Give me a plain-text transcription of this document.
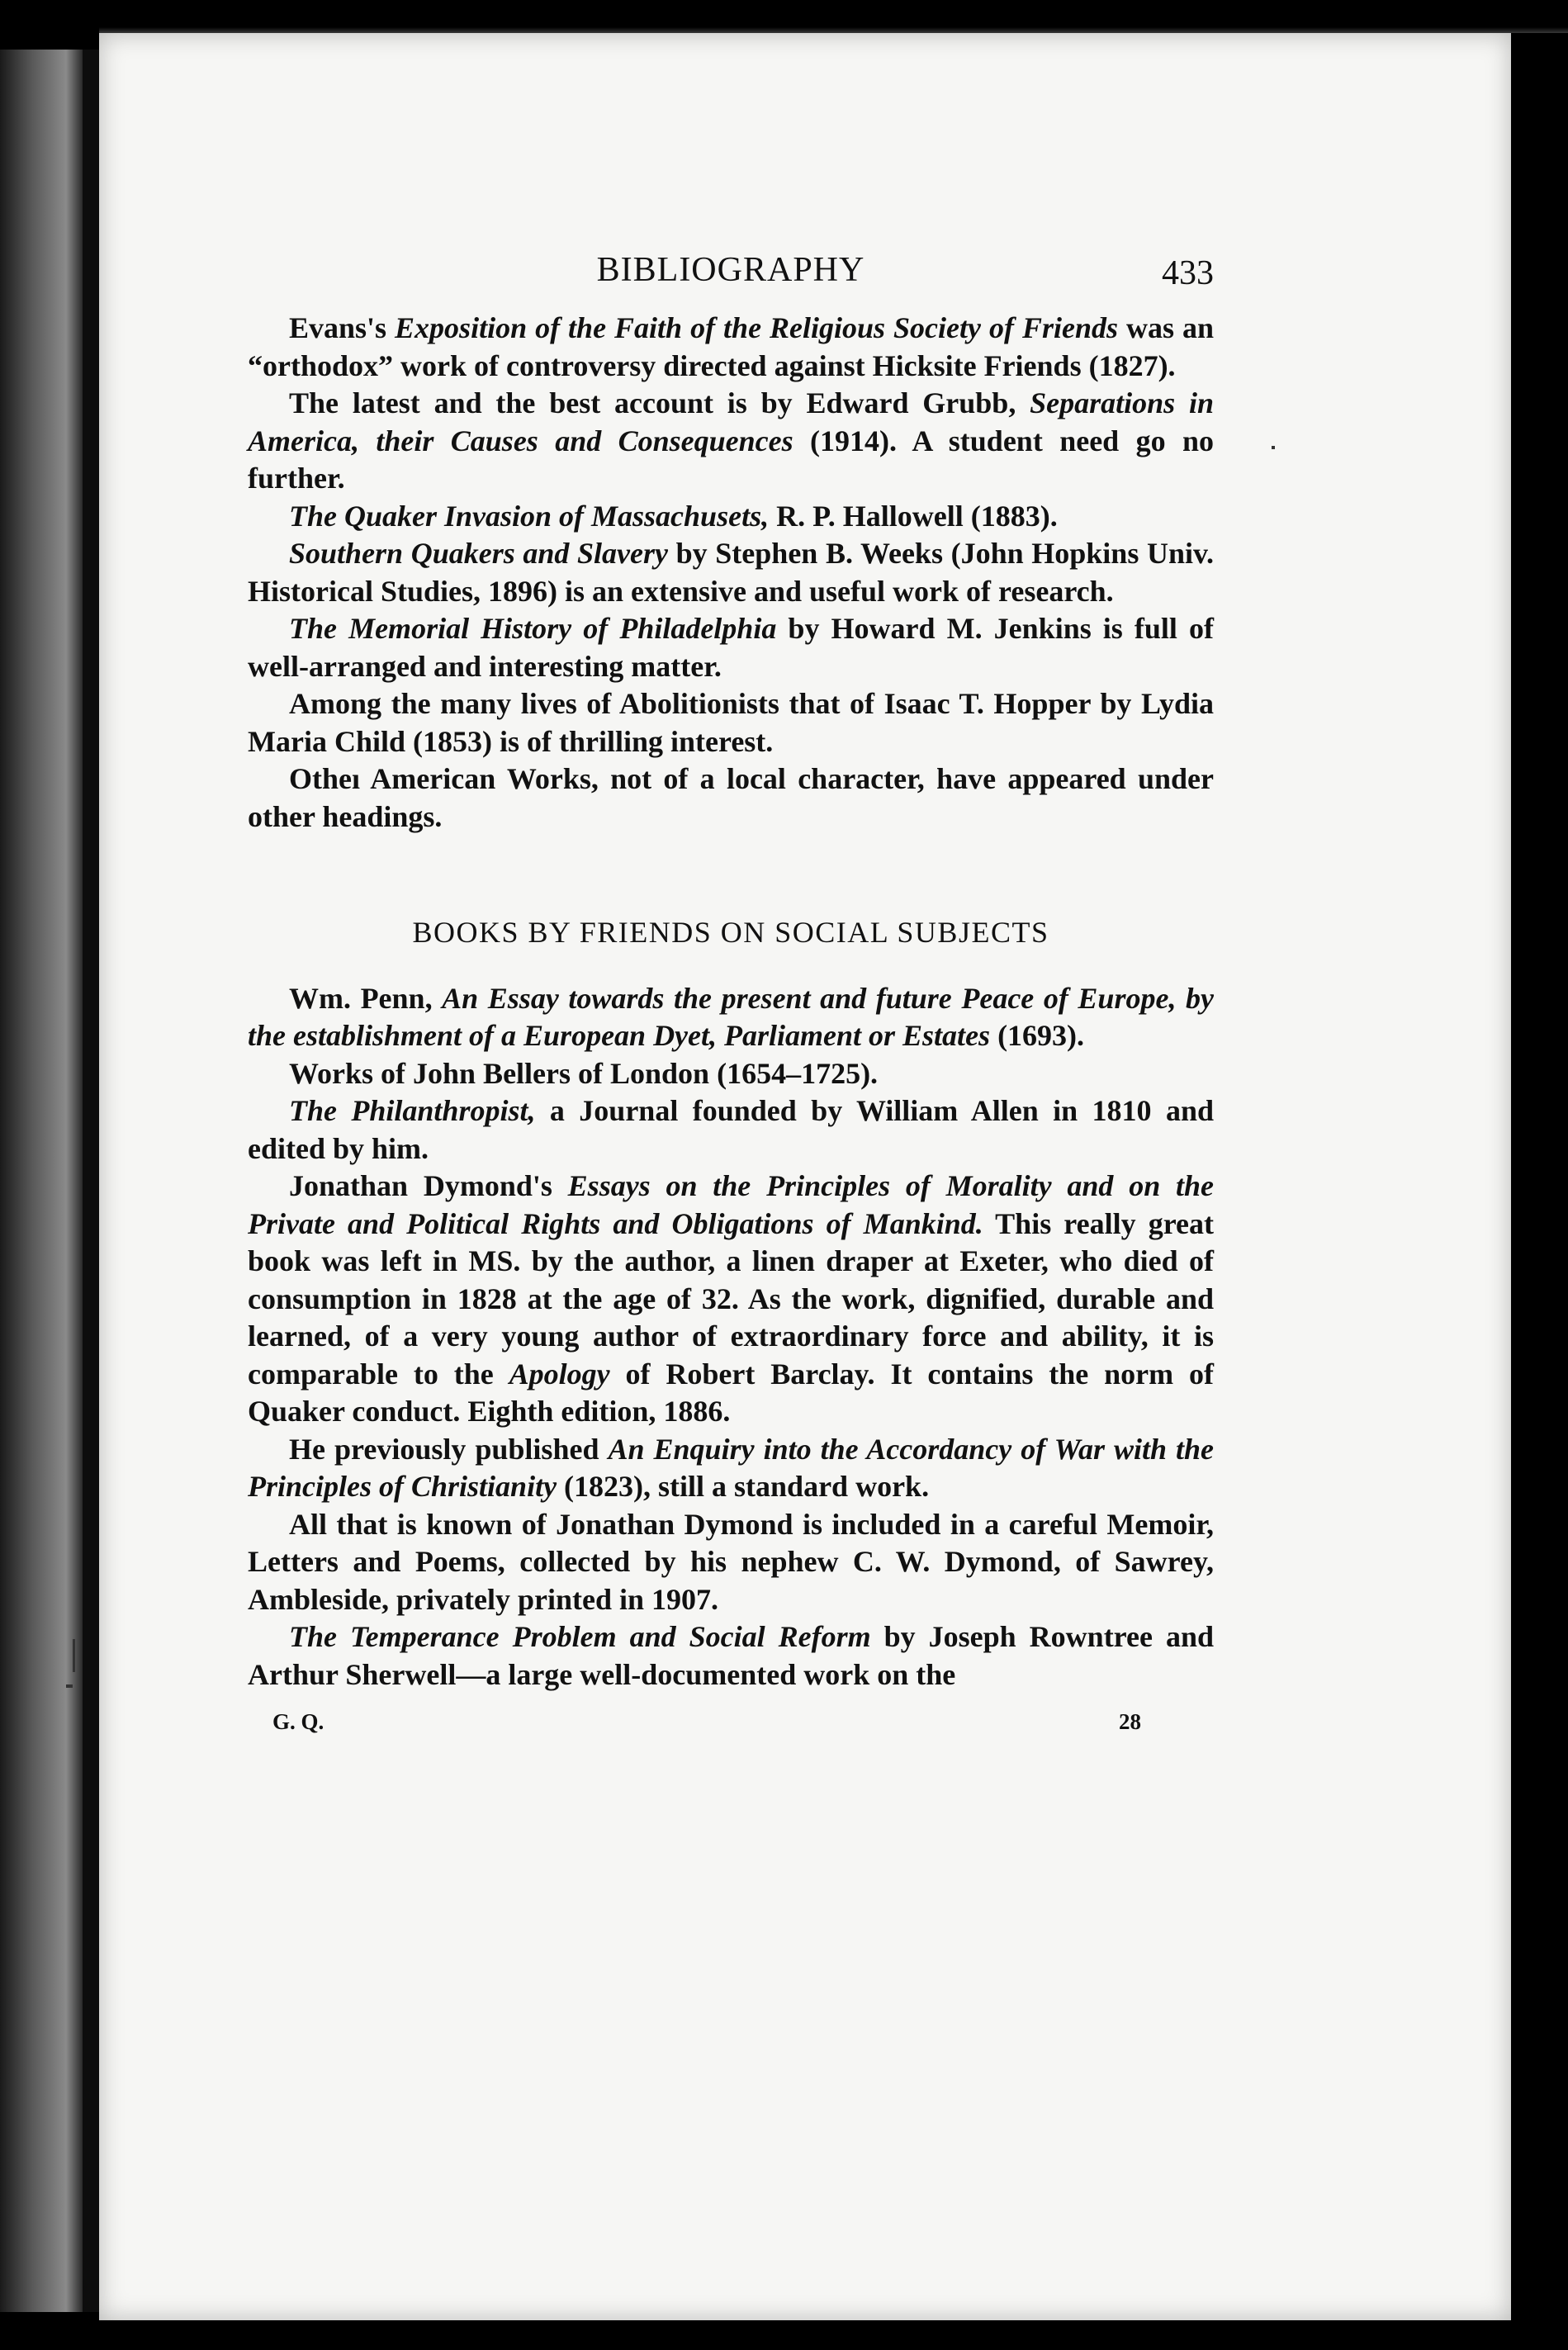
BIBLIOGRAPHY	433

Evans's Exposition of the Faith of the Religious Society of Friends was an “orthodox” work of controversy directed against Hicksite Friends (1827).

The latest and the best account is by Edward Grubb, Separations in America, their Causes and Consequences (1914). A student need go no further.

The Quaker Invasion of Massachusets, R. P. Hallowell (1883).

Southern Quakers and Slavery by Stephen B. Weeks (John Hopkins Univ. Historical Studies, 1896) is an extensive and useful work of research.

The Memorial History of Philadelphia by Howard M. Jenkins is full of well-arranged and interesting matter.

Among the many lives of Abolitionists that of Isaac T. Hopper by Lydia Maria Child (1853) is of thrilling interest.

Otheı American Works, not of a local character, have appeared under other headings.

BOOKS BY FRIENDS ON SOCIAL SUBJECTS

Wm. Penn, An Essay towards the present and future Peace of Europe, by the establishment of a European Dyet, Parliament or Estates (1693).

Works of John Bellers of London (1654–1725).

The Philanthropist, a Journal founded by William Allen in 1810 and edited by him.

Jonathan Dymond's Essays on the Principles of Morality and on the Private and Political Rights and Obligations of Mankind. This really great book was left in MS. by the author, a linen draper at Exeter, who died of consumption in 1828 at the age of 32. As the work, dignified, durable and learned, of a very young author of extraordinary force and ability, it is comparable to the Apology of Robert Barclay. It contains the norm of Quaker conduct. Eighth edition, 1886.

He previously published An Enquiry into the Accordancy of War with the Principles of Christianity (1823), still a standard work.

All that is known of Jonathan Dymond is included in a careful Memoir, Letters and Poems, collected by his nephew C. W. Dymond, of Sawrey, Ambleside, privately printed in 1907.

The Temperance Problem and Social Reform by Joseph Rowntree and Arthur Sherwell—a large well-documented work on the

G. Q.	28
